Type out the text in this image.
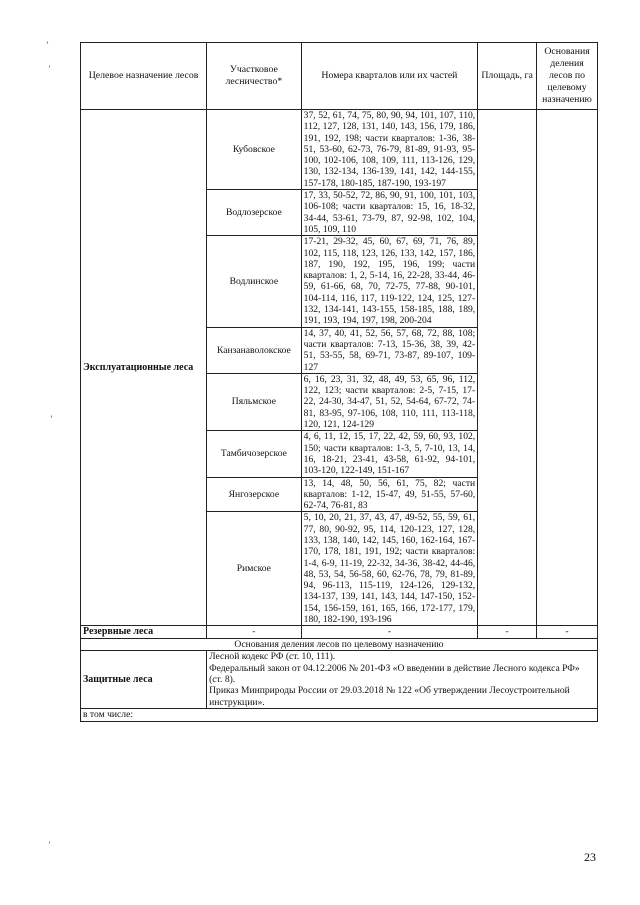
Целевое назначение лесов	Участковое лесничество*	Номера кварталов или их частей	Площадь, га	Основания деления лесов по целевому назначению
Эксплуатационные леса	Кубовское	37, 52, 61, 74, 75, 80, 90, 94, 101, 107, 110, 112, 127, 128, 131, 140, 143, 156, 179, 186, 191, 192, 198; части кварталов: 1-36, 38-51, 53-60, 62-73, 76-79, 81-89, 91-93, 95-100, 102-106, 108, 109, 111, 113-126, 129, 130, 132-134, 136-139, 141, 142, 144-155, 157-178, 180-185, 187-190, 193-197		
	Водлозерское	17, 33, 50-52, 72, 86, 90, 91, 100, 101, 103, 106-108; части кварталов: 15, 16, 18-32, 34-44, 53-61, 73-79, 87, 92-98, 102, 104, 105, 109, 110		
	Водлинское	17-21, 29-32, 45, 60, 67, 69, 71, 76, 89, 102, 115, 118, 123, 126, 133, 142, 157, 186, 187, 190, 192, 195, 196, 199; части кварталов: 1, 2, 5-14, 16, 22-28, 33-44, 46-59, 61-66, 68, 70, 72-75, 77-88, 90-101, 104-114, 116, 117, 119-122, 124, 125, 127-132, 134-141, 143-155, 158-185, 188, 189, 191, 193, 194, 197, 198, 200-204		
	Канзанаволокское	14, 37, 40, 41, 52, 56, 57, 68, 72, 88, 108; части кварталов: 7-13, 15-36, 38, 39, 42-51, 53-55, 58, 69-71, 73-87, 89-107, 109-127		
	Пяльмское	6, 16, 23, 31, 32, 48, 49, 53, 65, 96, 112, 122, 123; части кварталов: 2-5, 7-15, 17-22, 24-30, 34-47, 51, 52, 54-64, 67-72, 74-81, 83-95, 97-106, 108, 110, 111, 113-118, 120, 121, 124-129		
	Тамбичозерское	4, 6, 11, 12, 15, 17, 22, 42, 59, 60, 93, 102, 150; части кварталов: 1-3, 5, 7-10, 13, 14, 16, 18-21, 23-41, 43-58, 61-92, 94-101, 103-120, 122-149, 151-167		
	Янгозерское	13, 14, 48, 50, 56, 61, 75, 82; части кварталов: 1-12, 15-47, 49, 51-55, 57-60, 62-74, 76-81, 83		
	Римское	5, 10, 20, 21, 37, 43, 47, 49-52, 55, 59, 61, 77, 80, 90-92, 95, 114, 120-123, 127, 128, 133, 138, 140, 142, 145, 160, 162-164, 167-170, 178, 181, 191, 192; части кварталов: 1-4, 6-9, 11-19, 22-32, 34-36, 38-42, 44-46, 48, 53, 54, 56-58, 60, 62-76, 78, 79, 81-89, 94, 96-113, 115-119, 124-126, 129-132, 134-137, 139, 141, 143, 144, 147-150, 152-154, 156-159, 161, 165, 166, 172-177, 179, 180, 182-190, 193-196		
Резервные леса	-	-	-	-
Основания деления лесов по целевому назначению				
Защитные леса	Лесной кодекс РФ (ст. 10, 111).
Федеральный закон от 04.12.2006 № 201-ФЗ «О введении в действие Лесного кодекса РФ» (ст. 8).
Приказ Минприроды России от 29.03.2018 № 122 «Об утверждении Лесоустроительной инструкции».			

в том числе:				
23
’
’
’
’
